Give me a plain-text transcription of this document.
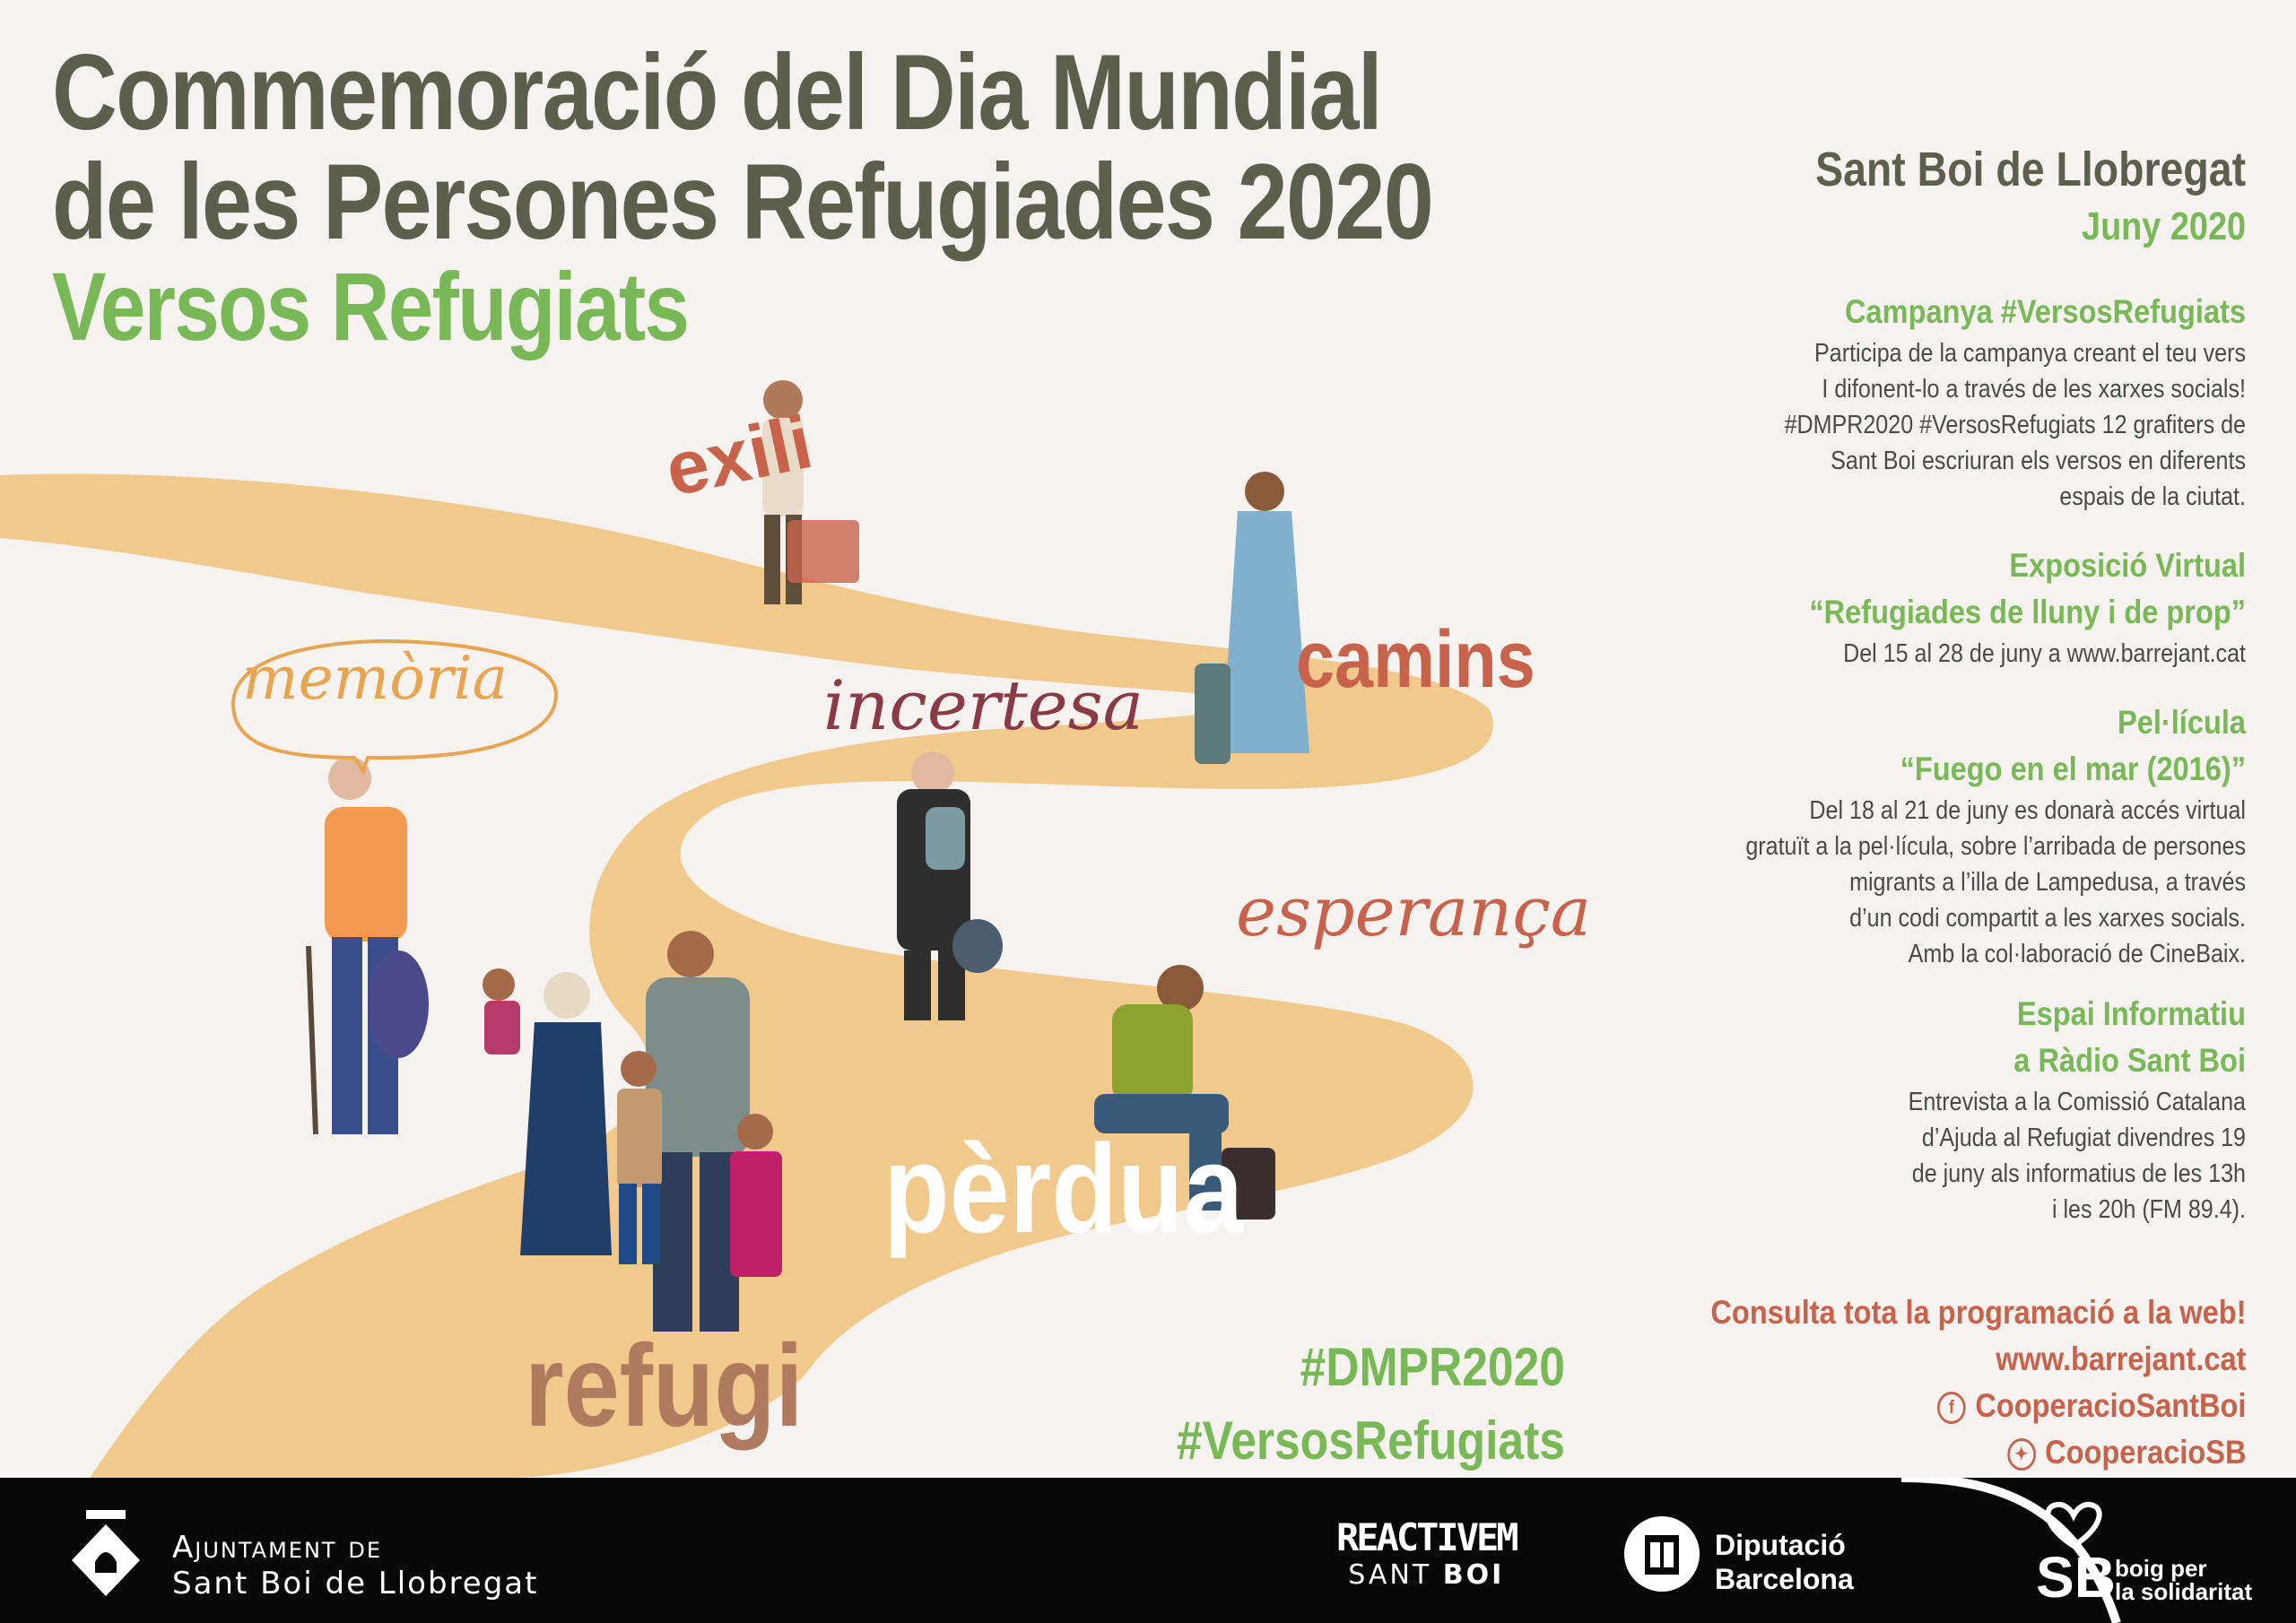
Commemoració del Dia Mundial
de les Persones Refugiades 2020
Versos Refugiats
exili
memòria	incertesa
camins
esperança
pèrdua
refugi
Sant Boi de Llobregat
Juny 2020
Campanya #VersosRefugiats

Participa de la campanya creant el teu vers
I difonent-lo a través de les xarxes socials!
#DMPR2020 #VersosRefugiats 12 grafiters de
Sant Boi escriuran els versos en diferents
espais de la ciutat.

Exposició Virtual
“Refugiades de lluny i de prop”

Del 15 al 28 de juny a www.barrejant.cat

Pel·lícula
“Fuego en el mar (2016)”

Del 18 al 21 de juny es donarà accés virtual
gratuït a la pel·lícula, sobre l’arribada de persones
migrants a l’illa de Lampedusa, a través
d’un codi compartit a les xarxes socials.
Amb la col·laboració de CineBaix.

Espai Informatiu
a Ràdio Sant Boi

Entrevista a la Comissió Catalana
d’Ajuda al Refugiat divendres 19
de juny als informatius de les 13h
i les 20h (FM 89.4).

Consulta tota la programació a la web!
www.barrejant.cat
f CooperacioSantBoi
✦ CooperacioSB
#DMPR2020
#VersosRefugiats
Ajuntament de
Sant Boi de Llobregat
REACTIVEM
SANT BOI
Diputació
Barcelona	SB boig per
la solidaritat
